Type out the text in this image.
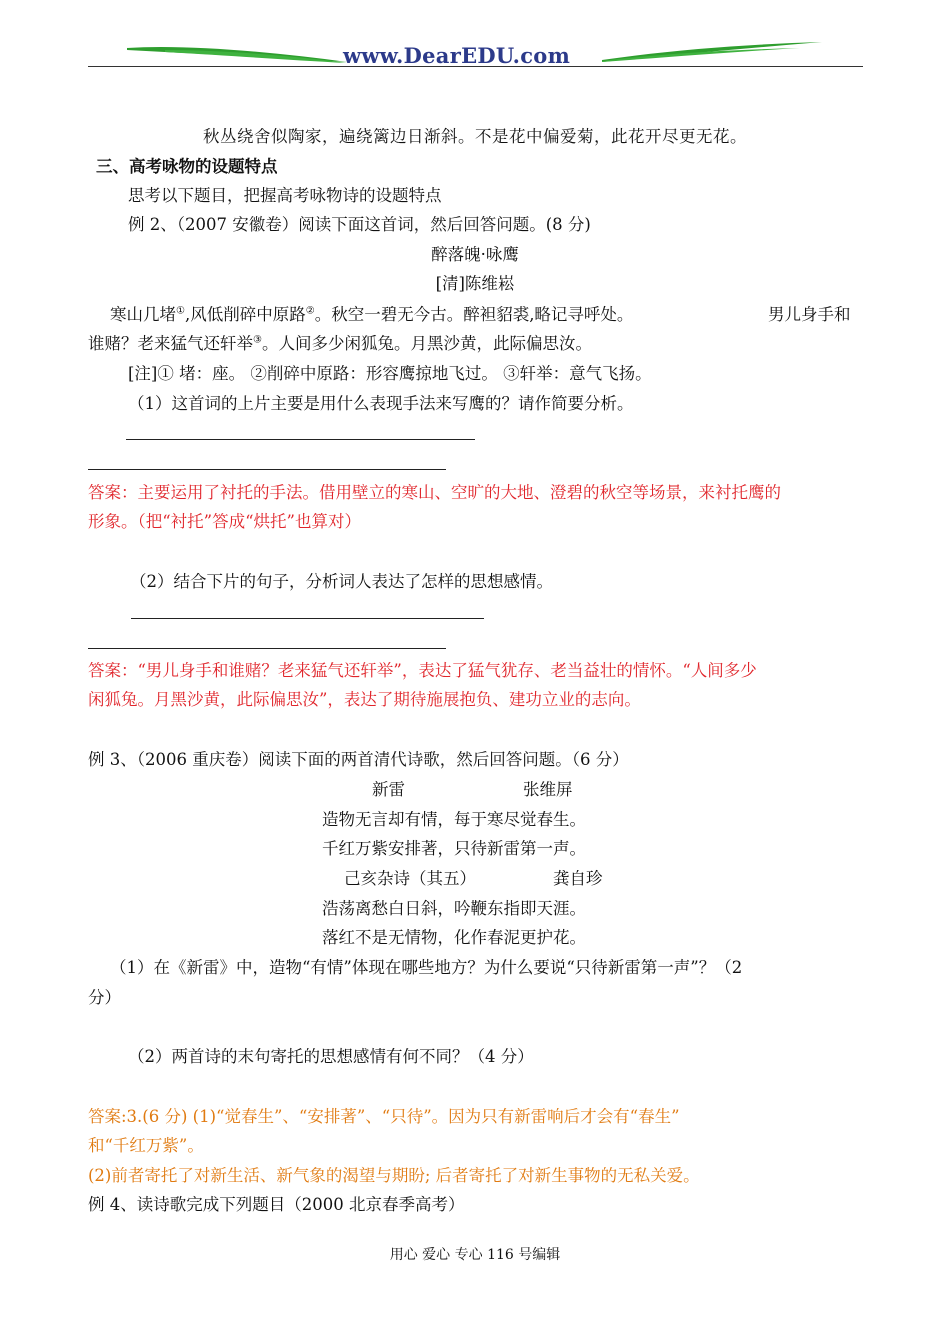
www.DearEDU.com
秋丛绕舍似陶家，遍绕篱边日渐斜。不是花中偏爱菊，此花开尽更无花。
三、高考咏物的设题特点
思考以下题目，把握高考咏物诗的设题特点
例 2、（2007 安徽卷）阅读下面这首词，然后回答问题。(8 分)
醉落魄·咏鹰
[清]陈维崧
寒山几堵①,风低削碎中原路②。秋空一碧无今古。醉袒貂裘,略记寻呼处。	男儿身手和
谁赌？老来猛气还轩举③。人间多少闲狐兔。月黑沙黄，此际偏思汝。
[注]① 堵：座。 ②削碎中原路：形容鹰掠地飞过。 ③轩举：意气飞扬。
（1）这首词的上片主要是用什么表现手法来写鹰的？请作简要分析。
答案：主要运用了衬托的手法。借用壁立的寒山、空旷的大地、澄碧的秋空等场景，来衬托鹰的
形象。（把“衬托”答成“烘托”也算对）
（2）结合下片的句子，分析词人表达了怎样的思想感情。
答案：“男儿身手和谁赌？老来猛气还轩举”，表达了猛气犹存、老当益壮的情怀。“人间多少
闲狐兔。月黑沙黄，此际偏思汝”，表达了期待施展抱负、建功立业的志向。
例 3、（2006 重庆卷）阅读下面的两首清代诗歌，然后回答问题。（6 分）
新雷	张维屏
造物无言却有情，每于寒尽觉春生。
千红万紫安排著，只待新雷第一声。
己亥杂诗（其五）	龚自珍
浩荡离愁白日斜，吟鞭东指即天涯。
落红不是无情物，化作春泥更护花。
（1）在《新雷》中，造物“有情”体现在哪些地方？为什么要说“只待新雷第一声”？（2
分）
（2）两首诗的末句寄托的思想感情有何不同？（4 分）
答案:3.(6 分) (1)“觉春生”、“安排著”、“只待”。因为只有新雷响后才会有“春生”
和“千红万紫”。
(2)前者寄托了对新生活、新气象的渴望与期盼; 后者寄托了对新生事物的无私关爱。
例 4、读诗歌完成下列题目（2000 北京春季高考）
用心 爱心 专心 116 号编辑
